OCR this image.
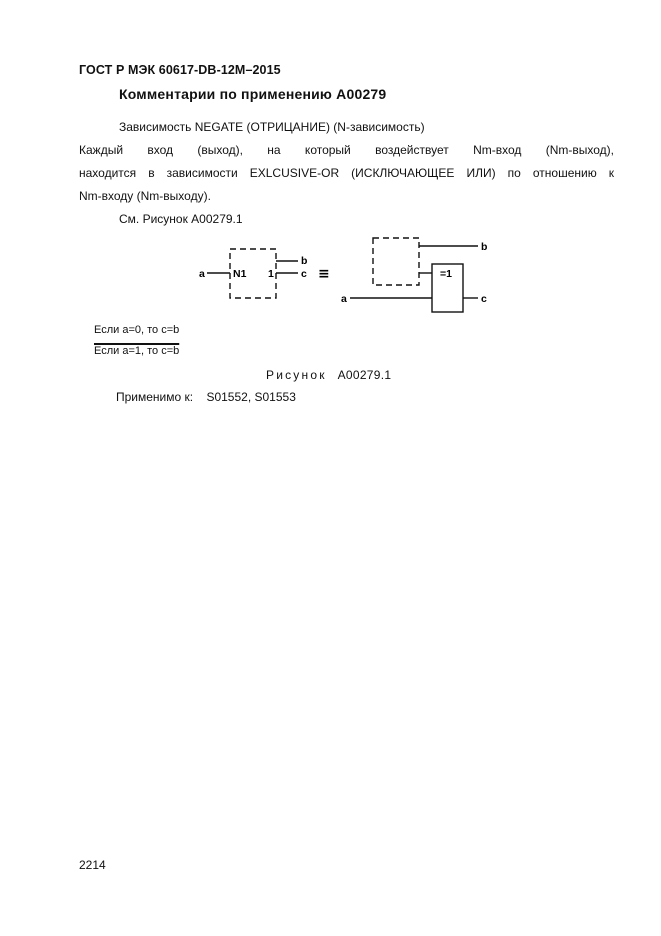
ГОСТ Р МЭК 60617-DB-12M–2015
Комментарии по применению A00279
Зависимость NEGATE (ОТРИЦАНИЕ) (N-зависимость)
Каждый вход (выход), на который воздействует Nm-вход (Nm-выход),
находится в зависимости EXLCUSIVE-OR (ИСКЛЮЧАЮЩЕЕ ИЛИ) по отношению к
Nm-входу (Nm-выходу).
См. Рисунок A00279.1
a	N1 1
b
c ≡
b
=1
a	c
Если a=0, то c=b
Если a=1, то c=b
Рисунок A00279.1
Применимо к: S01552, S01553
2214
